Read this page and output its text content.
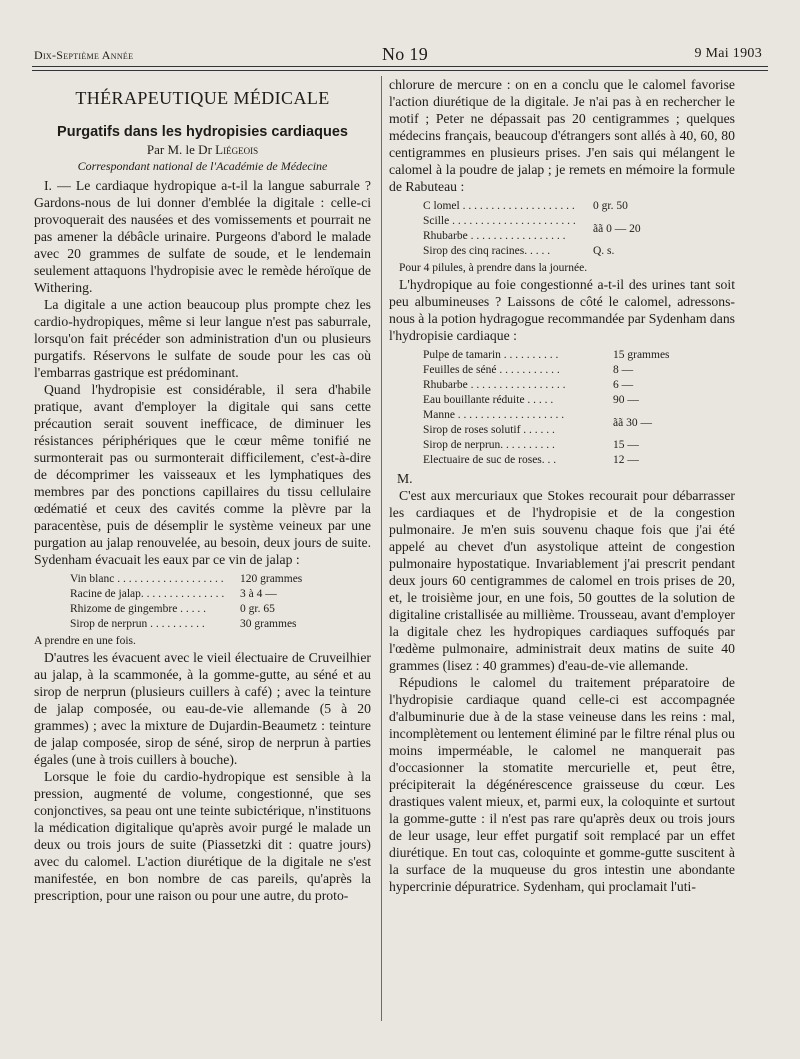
Dix-Septième Année	No 19	9 Mai 1903
THÉRAPEUTIQUE MÉDICALE
Purgatifs dans les hydropisies cardiaques
Par M. le Dr Liégeois
Correspondant national de l'Académie de Médecine

I. — Le cardiaque hydropique a-t-il la langue saburrale ? Gardons-nous de lui donner d'emblée la digitale : celle-ci provoquerait des nausées et des vomissements et pourrait ne pas amener la débâcle urinaire. Purgeons d'abord le malade avec 20 grammes de sulfate de soude, et le lendemain seulement attaquons l'hydropisie avec le remède héroïque de Withering.

La digitale a une action beaucoup plus prompte chez les cardio-hydropiques, même si leur langue n'est pas saburrale, lorsqu'on fait précéder son administration d'un ou plusieurs purgatifs. Réservons le sulfate de soude pour les cas où l'embarras gastrique est prédominant.

Quand l'hydropisie est considérable, il sera d'habile pratique, avant d'employer la digitale qui sans cette précaution serait souvent inefficace, de diminuer les résistances périphériques que le cœur même tonifié ne surmonterait pas ou surmonterait difficilement, c'est-à-dire de décomprimer les vaisseaux et les lymphatiques des membres par des ponctions capillaires du tissu cellulaire œdématié et ceux des cavités comme la plèvre par la paracentèse, puis de désemplir le système veineux par une purgation au jalap renouvelée, au besoin, deux jours de suite. Sydenham évacuait les eaux par ce vin de jalap :

Vin blanc . . . . . . . . . . . . . . . . . . .	120 grammes
Racine de jalap. . . . . . . . . . . . . . .	3 à 4 —
Rhizome de gingembre . . . . .	0 gr. 65
Sirop de nerprun . . . . . . . . . .	30 grammes
A prendre en une fois.

D'autres les évacuent avec le vieil électuaire de Cruveilhier au jalap, à la scammonée, à la gomme-gutte, au séné et au sirop de nerprun (plusieurs cuillers à café) ; avec la teinture de jalap composée, ou eau-de-vie allemande (5 à 20 grammes) ; avec la mixture de Dujardin-Beaumetz : teinture de jalap composée, sirop de séné, sirop de nerprun à parties égales (une à trois cuillers à bouche).

Lorsque le foie du cardio-hydropique est sensible à la pression, augmenté de volume, congestionné, que ses conjonctives, sa peau ont une teinte subictérique, n'instituons la médication digitalique qu'après avoir purgé le malade un deux ou trois jours de suite (Piassetzki dit : quatre jours) avec du calomel. L'action diurétique de la digitale ne s'est manifestée, en bon nombre de cas pareils, qu'après la prescription, pour une raison ou pour une autre, du proto-

chlorure de mercure : on en a conclu que le calomel favorise l'action diurétique de la digitale. Je n'ai pas à en rechercher le motif ; Peter ne dépassait pas 20 centigrammes ; quelques médecins français, beaucoup d'étrangers sont allés à 40, 60, 80 centigrammes en plusieurs prises. J'en sais qui mélangent le calomel à la poudre de jalap ; je remets en mémoire la formule de Rabuteau :

C lomel . . . . . . . . . . . . . . . . . . . .	0 gr. 50
Scille . . . . . . . . . . . . . . . . . . . . . .	ãã 0 — 20
Rhubarbe . . . . . . . . . . . . . . . . .	
Sirop des cinq racines. . . . .	Q. s.
Pour 4 pilules, à prendre dans la journée.

L'hydropique au foie congestionné a-t-il des urines tant soit peu albumineuses ? Laissons de côté le calomel, adressons-nous à la potion hydragogue recommandée par Sydenham dans l'hydropisie cardiaque :

Pulpe de tamarin . . . . . . . . . .	15 grammes
Feuilles de séné . . . . . . . . . . .	8 —
Rhubarbe . . . . . . . . . . . . . . . . .	6 —
Eau bouillante réduite . . . . .	90 —
Manne . . . . . . . . . . . . . . . . . . .	ãã 30 —
Sirop de roses solutif . . . . . .	
Sirop de nerprun. . . . . . . . . .	15 —
Electuaire de suc de roses. . .	12 —
M.

C'est aux mercuriaux que Stokes recourait pour débarrasser les cardiaques et de l'hydropisie et de la congestion pulmonaire. Je m'en suis souvenu chaque fois que j'ai été appelé au chevet d'un asystolique atteint de congestion pulmonaire hypostatique. Invariablement j'ai prescrit pendant deux jours 60 centigrammes de calomel en trois prises de 20, et, le troisième jour, en une fois, 50 gouttes de la solution de digitaline cristallisée au millième. Trousseau, avant d'employer la digitale chez les hydropiques cardiaques suffoqués par l'œdème pulmonaire, administrait deux matins de suite 40 grammes (lisez : 40 grammes) d'eau-de-vie allemande.

Répudions le calomel du traitement préparatoire de l'hydropisie cardiaque quand celle-ci est accompagnée d'albuminurie due à de la stase veineuse dans les reins : mal, incomplètement ou lentement éliminé par le filtre rénal plus ou moins imperméable, le calomel ne manquerait pas d'occasionner la stomatite mercurielle et, peut être, précipiterait la dégénérescence graisseuse du cœur. Les drastiques valent mieux, et, parmi eux, la coloquinte et surtout la gomme-gutte : il n'est pas rare qu'après deux ou trois jours de leur usage, leur effet purgatif soit remplacé par un effet diurétique. En tout cas, coloquinte et gomme-gutte suscitent à la surface de la muqueuse du gros intestin une abondante hypercrinie dépuratrice. Sydenham, qui proclamait l'uti-
